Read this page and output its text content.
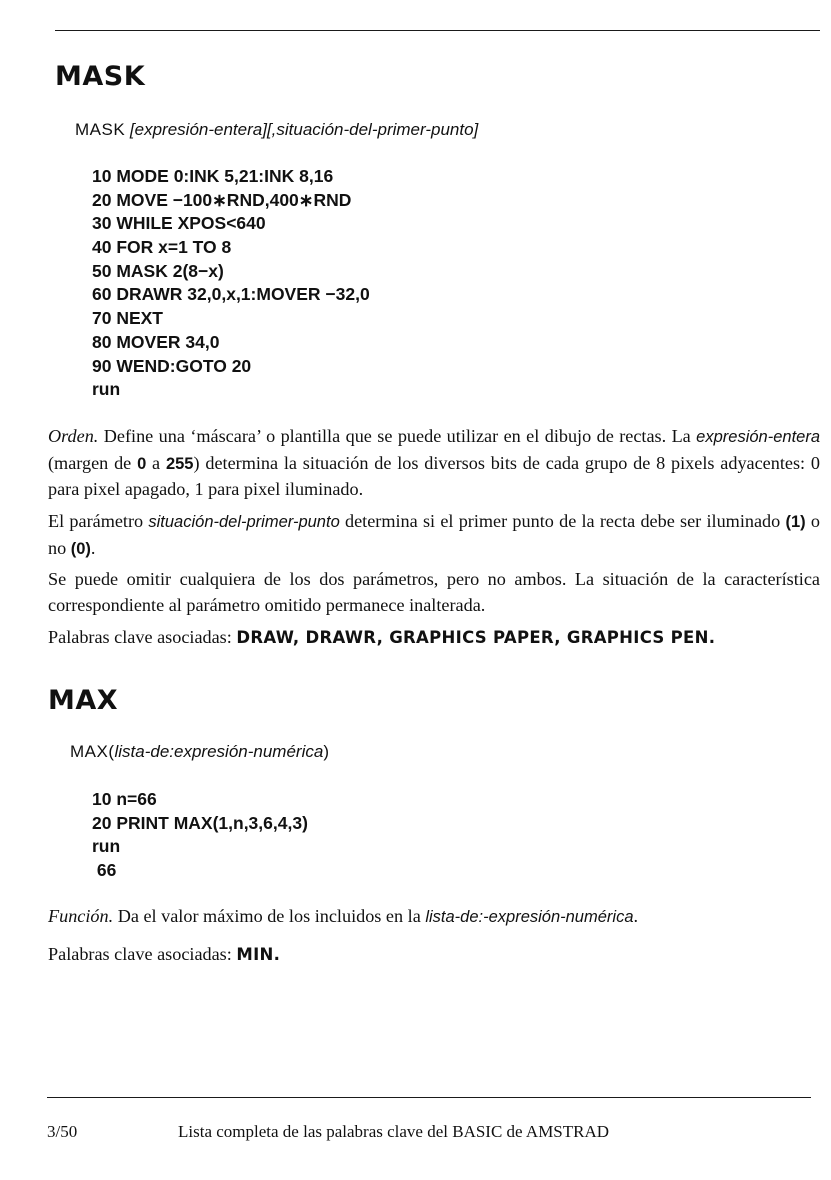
MASK
MASK [expresión-entera][,situación-del-primer-punto]
10 MODE 0:INK 5,21:INK 8,16
20 MOVE −100∗RND,400∗RND
30 WHILE XPOS<640
40 FOR x=1 TO 8
50 MASK 2(8−x)
60 DRAWR 32,0,x,1:MOVER −32,0
70 NEXT
80 MOVER 34,0
90 WEND:GOTO 20
run

Orden. Define una ‘máscara’ o plantilla que se puede utilizar en el dibujo de rectas. La expresión-entera (margen de 0 a 255) determina la situación de los diversos bits de cada grupo de 8 pixels adyacentes: 0 para pixel apagado, 1 para pixel iluminado.

El parámetro situación-del-primer-punto determina si el primer punto de la recta debe ser iluminado (1) o no (0).

Se puede omitir cualquiera de los dos parámetros, pero no ambos. La situación de la característica correspondiente al parámetro omitido permanece inalterada.

Palabras clave asociadas: DRAW, DRAWR, GRAPHICS PAPER, GRAPHICS PEN.

MAX
MAX(lista-de:expresión-numérica)
10 n=66
20 PRINT MAX(1,n,3,6,4,3)
run
66

Función. Da el valor máximo de los incluidos en la lista-de:-expresión-numérica.

Palabras clave asociadas: MIN.

3/50	Lista completa de las palabras clave del BASIC de AMSTRAD
